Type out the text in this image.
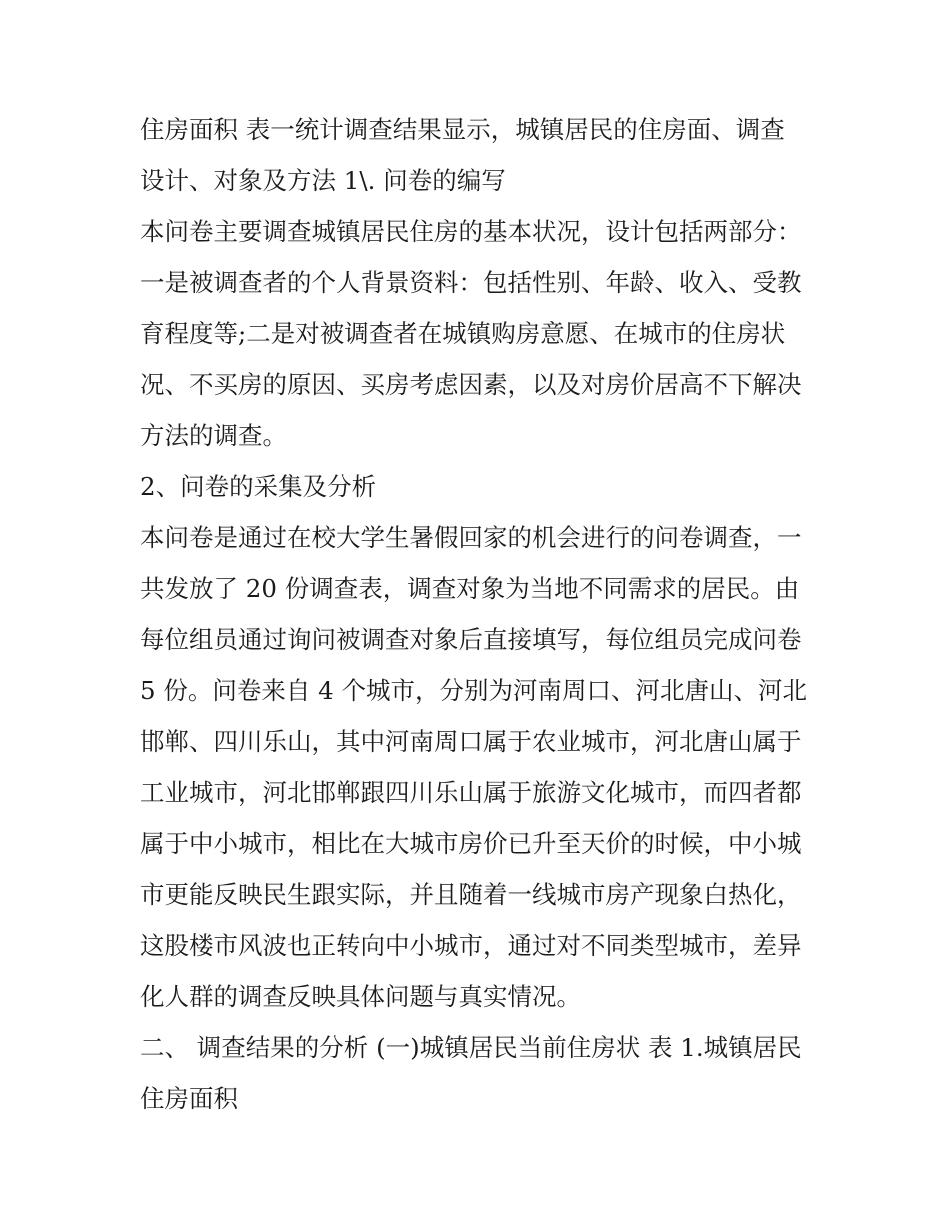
住房面积 表一统计调查结果显示，城镇居民的住房面、调查
设计、对象及方法 1\. 问卷的编写
本问卷主要调查城镇居民住房的基本状况，设计包括两部分：
一是被调查者的个人背景资料：包括性别、年龄、收入、受教
育程度等;二是对被调查者在城镇购房意愿、在城市的住房状
况、不买房的原因、买房考虑因素，以及对房价居高不下解决
方法的调查。
2、问卷的采集及分析
本问卷是通过在校大学生暑假回家的机会进行的问卷调查，一
共发放了 20 份调查表，调查对象为当地不同需求的居民。由
每位组员通过询问被调查对象后直接填写，每位组员完成问卷
5 份。问卷来自 4 个城市，分别为河南周口、河北唐山、河北
邯郸、四川乐山，其中河南周口属于农业城市，河北唐山属于
工业城市，河北邯郸跟四川乐山属于旅游文化城市，而四者都
属于中小城市，相比在大城市房价已升至天价的时候，中小城
市更能反映民生跟实际，并且随着一线城市房产现象白热化，
这股楼市风波也正转向中小城市，通过对不同类型城市，差异
化人群的调查反映具体问题与真实情况。
二、 调查结果的分析 (一)城镇居民当前住房状 表 1.城镇居民
住房面积
